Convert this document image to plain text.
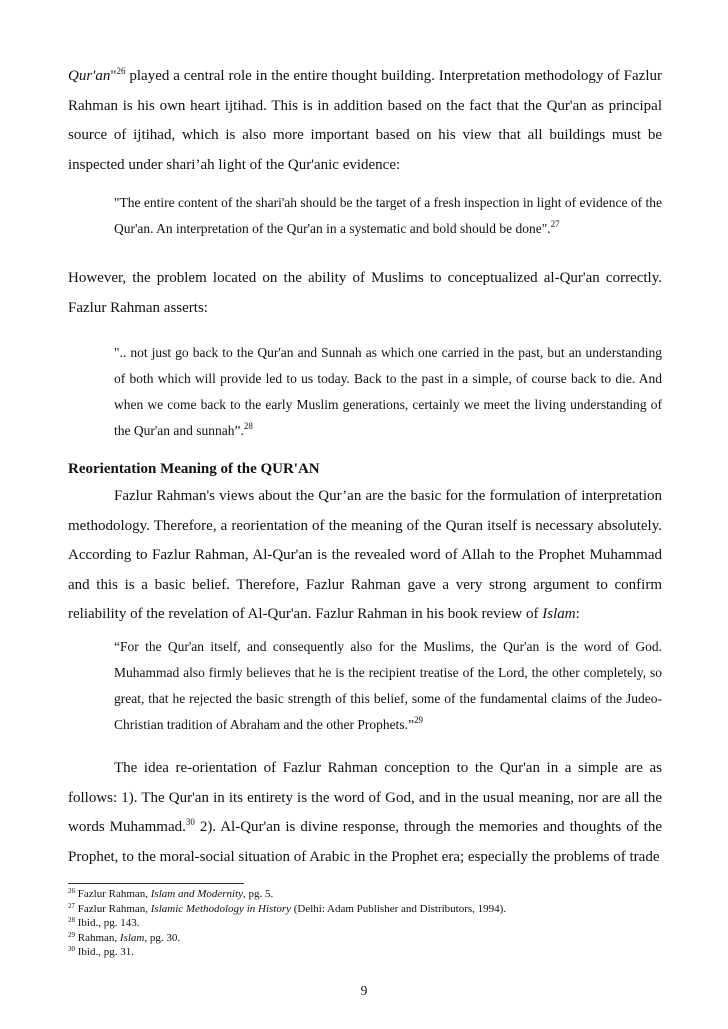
Qur'an"$^{26}$ played a central role in the entire thought building. Interpretation methodology of Fazlur Rahman is his own heart ijtihad. This is in addition based on the fact that the Qur'an as principal source of ijtihad, which is also more important based on his view that all buildings must be inspected under shari’ah light of the Qur'anic evidence:

"The entire content of the shari'ah should be the target of a fresh inspection in light of evidence of the Qur'an. An interpretation of the Qur'an in a systematic and bold should be done".$^{27}$

However, the problem located on the ability of Muslims to conceptualized al-Qur'an correctly. Fazlur Rahman asserts:

".. not just go back to the Qur'an and Sunnah as which one carried in the past, but an understanding of both which will provide led to us today. Back to the past in a simple, of course back to die. And when we come back to the early Muslim generations, certainly we meet the living understanding of the Qur'an and sunnah”.$^{28}$

Reorientation Meaning of the QUR'AN

Fazlur Rahman's views about the Qur’an are the basic for the formulation of interpretation methodology. Therefore, a reorientation of the meaning of the Quran itself is necessary absolutely. According to Fazlur Rahman, Al-Qur'an is the revealed word of Allah to the Prophet Muhammad and this is a basic belief. Therefore, Fazlur Rahman gave a very strong argument to confirm reliability of the revelation of Al-Qur'an. Fazlur Rahman in his book review of Islam:

“For the Qur'an itself, and consequently also for the Muslims, the Qur'an is the word of God. Muhammad also firmly believes that he is the recipient treatise of the Lord, the other completely, so great, that he rejected the basic strength of this belief, some of the fundamental claims of the Judeo-Christian tradition of Abraham and the other Prophets.”$^{29}$

The idea re-orientation of Fazlur Rahman conception to the Qur'an in a simple are as follows: 1). The Qur'an in its entirety is the word of God, and in the usual meaning, nor are all the words Muhammad.$^{30}$ 2). Al-Qur'an is divine response, through the memories and thoughts of the Prophet, to the moral-social situation of Arabic in the Prophet era; especially the problems of trade

$^{26}$ Fazlur Rahman, Islam and Modernity, pg. 5.
$^{27}$ Fazlur Rahman, Islamic Methodology in History (Delhi: Adam Publisher and Distributors, 1994).
$^{28}$ Ibid., pg. 143.
$^{29}$ Rahman, Islam, pg. 30.
$^{30}$ Ibid., pg. 31.
9
